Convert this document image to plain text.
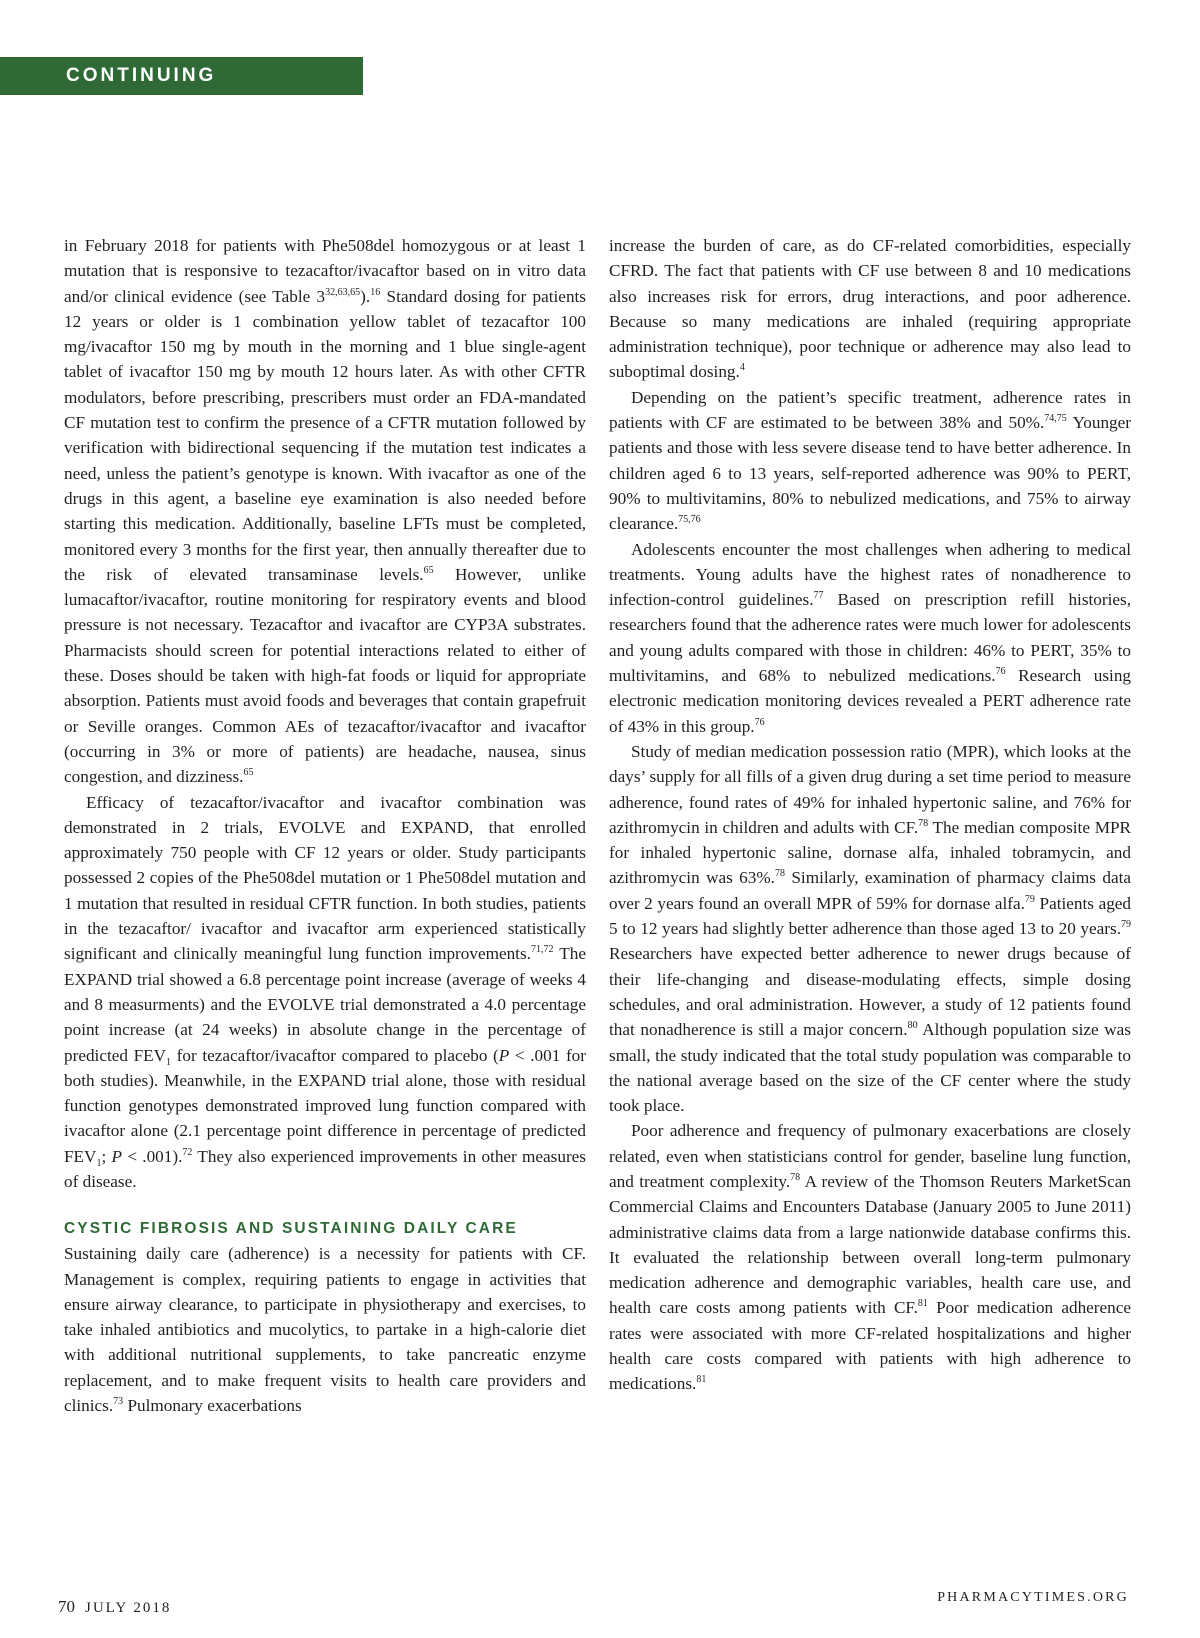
CONTINUING EDUCATION

in February 2018 for patients with Phe508del homozygous or at least 1 mutation that is responsive to tezacaftor/ivacaftor based on in vitro data and/or clinical evidence (see Table 3$^{32,63,65}$).$^{16}$ Standard dosing for patients 12 years or older is 1 combination yellow tablet of tezacaftor 100 mg/ivacaftor 150 mg by mouth in the morning and 1 blue single-agent tablet of ivacaftor 150 mg by mouth 12 hours later. As with other CFTR modulators, before prescribing, prescribers must order an FDA-mandated CF mutation test to confirm the presence of a CFTR mutation followed by verification with bidirectional sequencing if the mutation test indicates a need, unless the patient’s genotype is known. With ivacaftor as one of the drugs in this agent, a baseline eye examination is also needed before starting this medication. Additionally, baseline LFTs must be completed, monitored every 3 months for the first year, then annually thereafter due to the risk of elevated transaminase levels.$^{65}$ However, unlike lumacaftor/ivacaftor, routine monitoring for respiratory events and blood pressure is not necessary. Tezacaftor and ivacaftor are CYP3A substrates. Pharmacists should screen for potential interactions related to either of these. Doses should be taken with high-fat foods or liquid for appropriate absorption. Patients must avoid foods and beverages that contain grapefruit or Seville oranges. Common AEs of tezacaftor/ivacaftor and ivacaftor (occurring in 3% or more of patients) are headache, nausea, sinus congestion, and dizziness.$^{65}$

Efficacy of tezacaftor/ivacaftor and ivacaftor combination was demonstrated in 2 trials, EVOLVE and EXPAND, that enrolled approximately 750 people with CF 12 years or older. Study participants possessed 2 copies of the Phe508del mutation or 1 Phe508del mutation and 1 mutation that resulted in residual CFTR function. In both studies, patients in the tezacaftor/ ivacaftor and ivacaftor arm experienced statistically significant and clinically meaningful lung function improvements.$^{71,72}$ The EXPAND trial showed a 6.8 percentage point increase (average of weeks 4 and 8 measurments) and the EVOLVE trial demonstrated a 4.0 percentage point increase (at 24 weeks) in absolute change in the percentage of predicted $FEV_1$ for tezacaftor/ivacaftor compared to placebo (P < .001 for both studies). Meanwhile, in the EXPAND trial alone, those with residual function genotypes demonstrated improved lung function compared with ivacaftor alone (2.1 percentage point difference in percentage of predicted $FEV_1$; P < .001).$^{72}$ They also experienced improvements in other measures of disease.

CYSTIC FIBROSIS AND SUSTAINING DAILY CARE

Sustaining daily care (adherence) is a necessity for patients with CF. Management is complex, requiring patients to engage in activities that ensure airway clearance, to participate in physiotherapy and exercises, to take inhaled antibiotics and mucolytics, to partake in a high-calorie diet with additional nutritional supplements, to take pancreatic enzyme replacement, and to make frequent visits to health care providers and clinics.$^{73}$ Pulmonary exacerbations

increase the burden of care, as do CF-related comorbidities, especially CFRD. The fact that patients with CF use between 8 and 10 medications also increases risk for errors, drug interactions, and poor adherence. Because so many medications are inhaled (requiring appropriate administration technique), poor technique or adherence may also lead to suboptimal dosing.$^4$

Depending on the patient’s specific treatment, adherence rates in patients with CF are estimated to be between 38% and 50%.$^{74,75}$ Younger patients and those with less severe disease tend to have better adherence. In children aged 6 to 13 years, self-reported adherence was 90% to PERT, 90% to multivitamins, 80% to nebulized medications, and 75% to airway clearance.$^{75,76}$

Adolescents encounter the most challenges when adhering to medical treatments. Young adults have the highest rates of nonadherence to infection-control guidelines.$^{77}$ Based on prescription refill histories, researchers found that the adherence rates were much lower for adolescents and young adults compared with those in children: 46% to PERT, 35% to multivitamins, and 68% to nebulized medications.$^{76}$ Research using electronic medication monitoring devices revealed a PERT adherence rate of 43% in this group.$^{76}$

Study of median medication possession ratio (MPR), which looks at the days’ supply for all fills of a given drug during a set time period to measure adherence, found rates of 49% for inhaled hypertonic saline, and 76% for azithromycin in children and adults with CF.$^{78}$ The median composite MPR for inhaled hypertonic saline, dornase alfa, inhaled tobramycin, and azithromycin was 63%.$^{78}$ Similarly, examination of pharmacy claims data over 2 years found an overall MPR of 59% for dornase alfa.$^{79}$ Patients aged 5 to 12 years had slightly better adherence than those aged 13 to 20 years.$^{79}$ Researchers have expected better adherence to newer drugs because of their life-changing and disease-modulating effects, simple dosing schedules, and oral administration. However, a study of 12 patients found that nonadherence is still a major concern.$^{80}$ Although population size was small, the study indicated that the total study population was comparable to the national average based on the size of the CF center where the study took place.

Poor adherence and frequency of pulmonary exacerbations are closely related, even when statisticians control for gender, baseline lung function, and treatment complexity.$^{78}$ A review of the Thomson Reuters MarketScan Commercial Claims and Encounters Database (January 2005 to June 2011) administrative claims data from a large nationwide database confirms this. It evaluated the relationship between overall long-term pulmonary medication adherence and demographic variables, health care use, and health care costs among patients with CF.$^{81}$ Poor medication adherence rates were associated with more CF-related hospitalizations and higher health care costs compared with patients with high adherence to medications.$^{81}$

70 JULY 2018
PHARMACYTIMES.ORG
